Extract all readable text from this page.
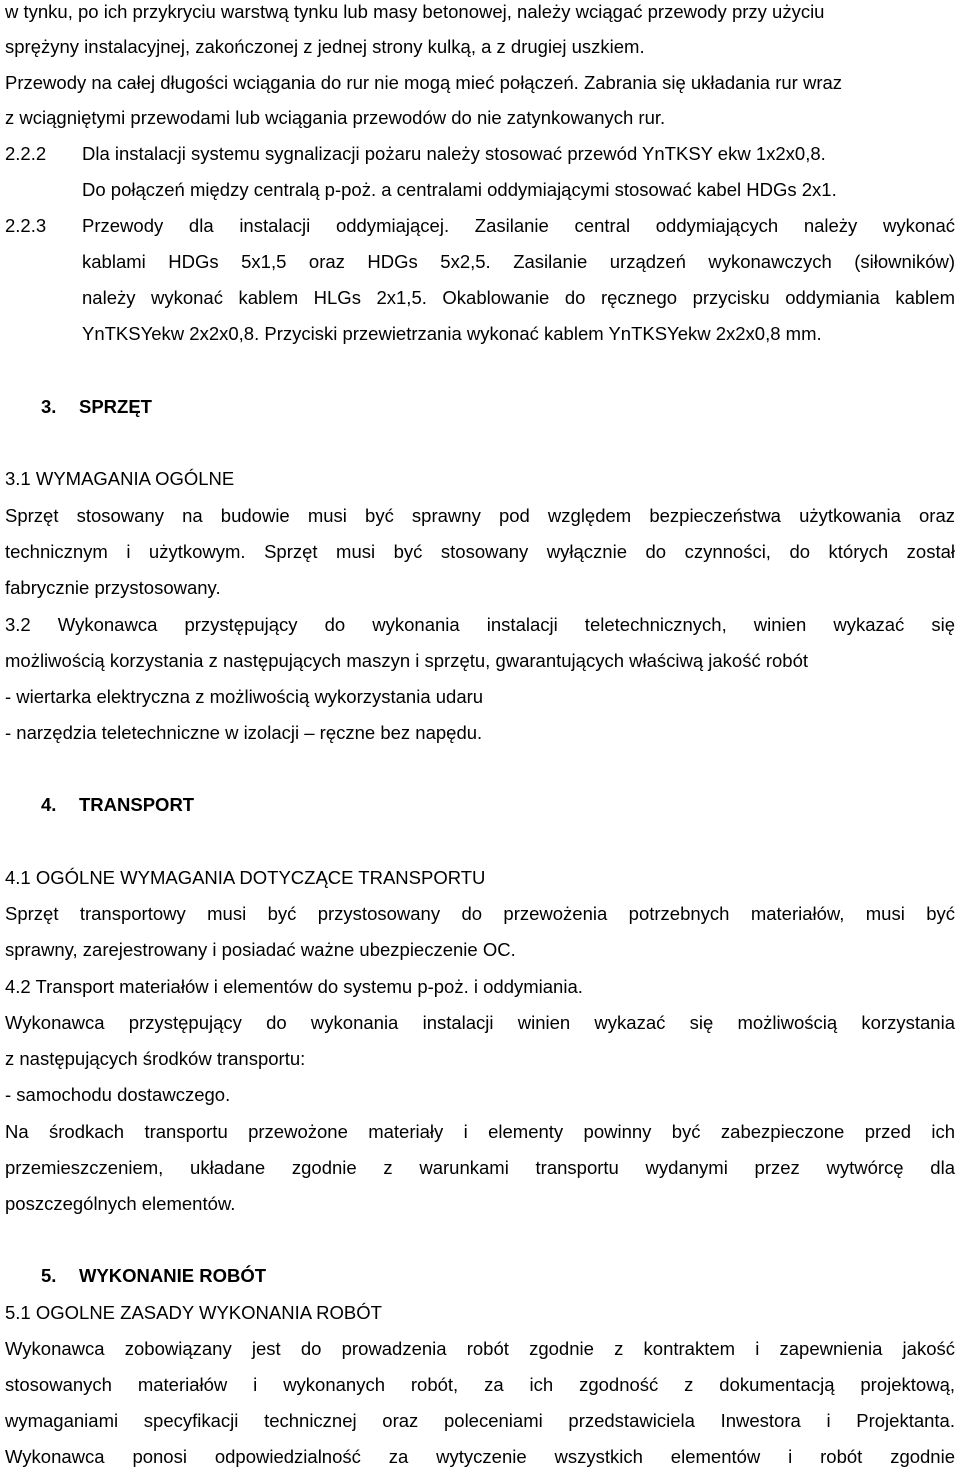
w tynku, po ich przykryciu warstwą tynku lub masy betonowej, należy wciągać przewody przy użyciu
sprężyny instalacyjnej, zakończonej z jednej strony kulką, a z drugiej uszkiem.
Przewody na całej długości wciągania do rur nie mogą mieć połączeń. Zabrania się układania rur wraz
z wciągniętymi przewodami lub wciągania przewodów do nie zatynkowanych rur.
2.2.2 Dla instalacji systemu sygnalizacji pożaru należy stosować przewód YnTKSY ekw 1x2x0,8.
Do połączeń między centralą p-poż. a centralami oddymiającymi stosować kabel HDGs 2x1.
2.2.3 Przewody dla instalacji oddymiającej. Zasilanie central oddymiających należy wykonać
kablami HDGs 5x1,5 oraz HDGs 5x2,5. Zasilanie urządzeń wykonawczych (siłowników)
należy wykonać kablem HLGs 2x1,5. Okablowanie do ręcznego przycisku oddymiania kablem
YnTKSYekw 2x2x0,8. Przyciski przewietrzania wykonać kablem YnTKSYekw 2x2x0,8 mm.
3. SPRZĘT
3.1 WYMAGANIA OGÓLNE
Sprzęt stosowany na budowie musi być sprawny pod względem bezpieczeństwa użytkowania oraz
technicznym i użytkowym. Sprzęt musi być stosowany wyłącznie do czynności, do których został
fabrycznie przystosowany.
3.2 Wykonawca przystępujący do wykonania instalacji teletechnicznych, winien wykazać się
możliwością korzystania z następujących maszyn i sprzętu, gwarantujących właściwą jakość robót
- wiertarka elektryczna z możliwością wykorzystania udaru
- narzędzia teletechniczne w izolacji – ręczne bez napędu.
4. TRANSPORT
4.1 OGÓLNE WYMAGANIA DOTYCZĄCE TRANSPORTU
Sprzęt transportowy musi być przystosowany do przewożenia potrzebnych materiałów, musi być
sprawny, zarejestrowany i posiadać ważne ubezpieczenie OC.
4.2 Transport materiałów i elementów do systemu p-poż. i oddymiania.
Wykonawca przystępujący do wykonania instalacji winien wykazać się możliwością korzystania
z następujących środków transportu:
- samochodu dostawczego.
Na środkach transportu przewożone materiały i elementy powinny być zabezpieczone przed ich
przemieszczeniem, układane zgodnie z warunkami transportu wydanymi przez wytwórcę dla
poszczególnych elementów.
5. WYKONANIE ROBÓT
5.1 OGOLNE ZASADY WYKONANIA ROBÓT
Wykonawca zobowiązany jest do prowadzenia robót zgodnie z kontraktem i zapewnienia jakość
stosowanych materiałów i wykonanych robót, za ich zgodność z dokumentacją projektową,
wymaganiami specyfikacji technicznej oraz poleceniami przedstawiciela Inwestora i Projektanta.
Wykonawca ponosi odpowiedzialność za wytyczenie wszystkich elementów i robót zgodnie
